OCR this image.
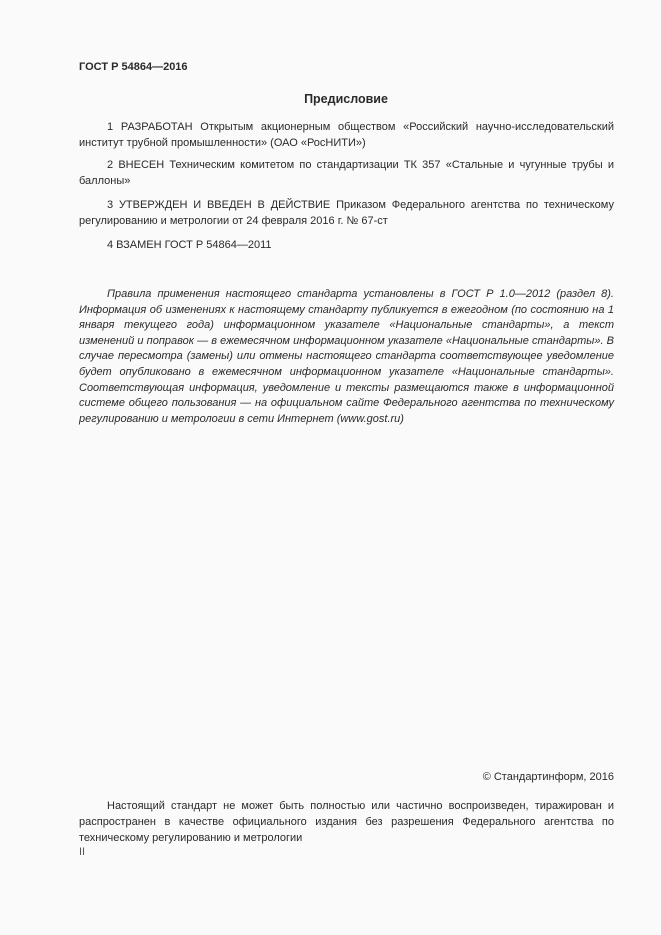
ГОСТ Р 54864—2016
Предисловие

1 РАЗРАБОТАН Открытым акционерным обществом «Российский научно-исследовательский институт трубной промышленности» (ОАО «РосНИТИ»)

2 ВНЕСЕН Техническим комитетом по стандартизации ТК 357 «Стальные и чугунные трубы и баллоны»

3 УТВЕРЖДЕН И ВВЕДЕН В ДЕЙСТВИЕ Приказом Федерального агентства по техническому регулированию и метрологии от 24 февраля 2016 г. № 67-ст

4 ВЗАМЕН ГОСТ Р 54864—2011

Правила применения настоящего стандарта установлены в ГОСТ Р 1.0—2012 (раздел 8). Информация об изменениях к настоящему стандарту публикуется в ежегодном (по состоянию на 1 января текущего года) информационном указателе «Национальные стандарты», а текст изменений и поправок — в ежемесячном информационном указателе «Национальные стандарты». В случае пересмотра (замены) или отмены настоящего стандарта соответствующее уведомление будет опубликовано в ежемесячном информационном указателе «Национальные стандарты». Соответствующая информация, уведомление и тексты размещаются также в информационной системе общего пользования — на официальном сайте Федерального агентства по техническому регулированию и метрологии в сети Интернет (www.gost.ru)

© Стандартинформ, 2016

Настоящий стандарт не может быть полностью или частично воспроизведен, тиражирован и распространен в качестве официального издания без разрешения Федерального агентства по техническому регулированию и метрологии

II
